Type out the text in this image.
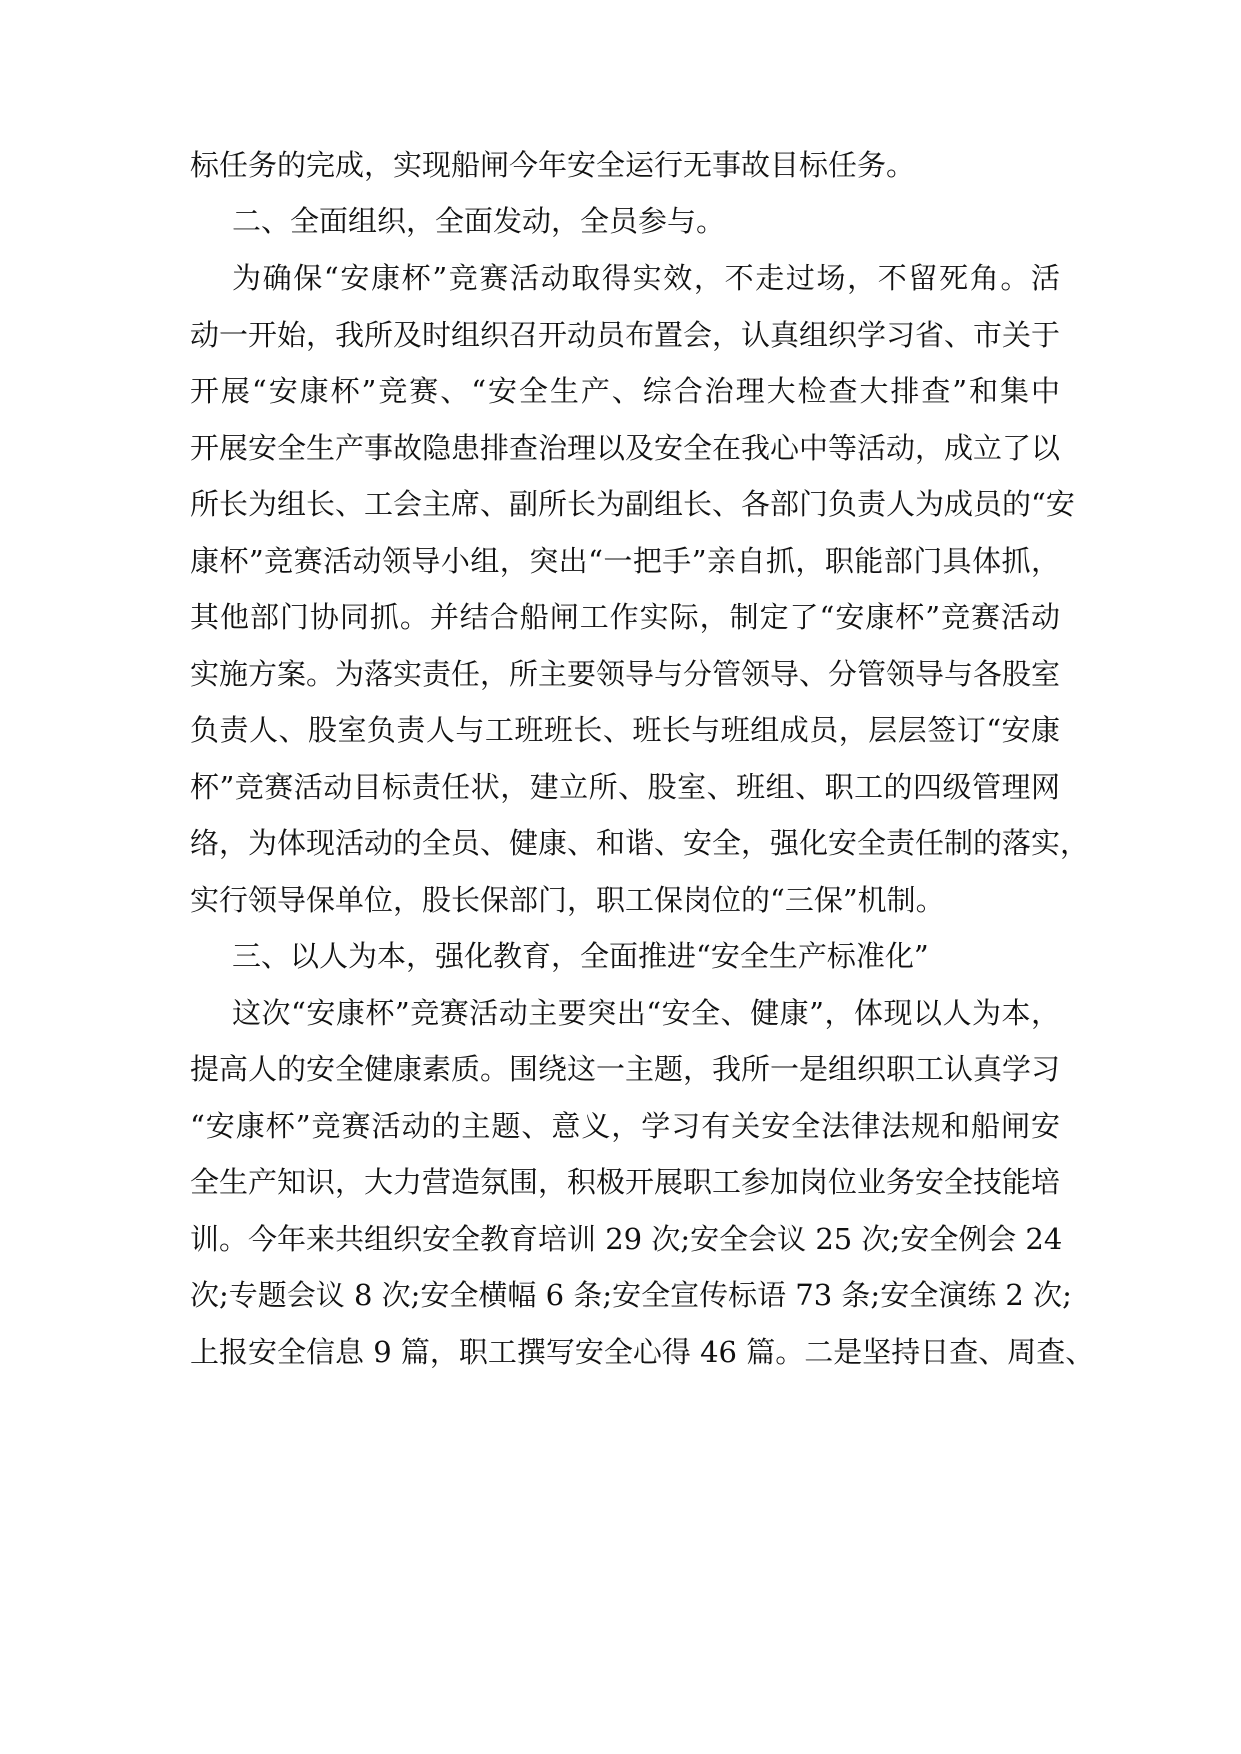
标任务的完成，实现船闸今年安全运行无事故目标任务。
二、全面组织，全面发动，全员参与。
为确保“安康杯”竞赛活动取得实效，不走过场，不留死角。活
动一开始，我所及时组织召开动员布置会，认真组织学习省、市关于
开展“安康杯”竞赛、“安全生产、综合治理大检查大排查”和集中
开展安全生产事故隐患排查治理以及安全在我心中等活动，成立了以
所长为组长、工会主席、副所长为副组长、各部门负责人为成员的“安
康杯”竞赛活动领导小组，突出“一把手”亲自抓，职能部门具体抓，
其他部门协同抓。并结合船闸工作实际，制定了“安康杯”竞赛活动
实施方案。为落实责任，所主要领导与分管领导、分管领导与各股室
负责人、股室负责人与工班班长、班长与班组成员，层层签订“安康
杯”竞赛活动目标责任状，建立所、股室、班组、职工的四级管理网
络，为体现活动的全员、健康、和谐、安全，强化安全责任制的落实，
实行领导保单位，股长保部门，职工保岗位的“三保”机制。
三、以人为本，强化教育，全面推进“安全生产标准化”
这次“安康杯”竞赛活动主要突出“安全、健康”，体现以人为本，
提高人的安全健康素质。围绕这一主题，我所一是组织职工认真学习
“安康杯”竞赛活动的主题、意义，学习有关安全法律法规和船闸安
全生产知识，大力营造氛围，积极开展职工参加岗位业务安全技能培
训。今年来共组织安全教育培训 29 次;安全会议 25 次;安全例会 24
次;专题会议 8 次;安全横幅 6 条;安全宣传标语 73 条;安全演练 2 次;
上报安全信息 9 篇，职工撰写安全心得 46 篇。二是坚持日查、周查、
